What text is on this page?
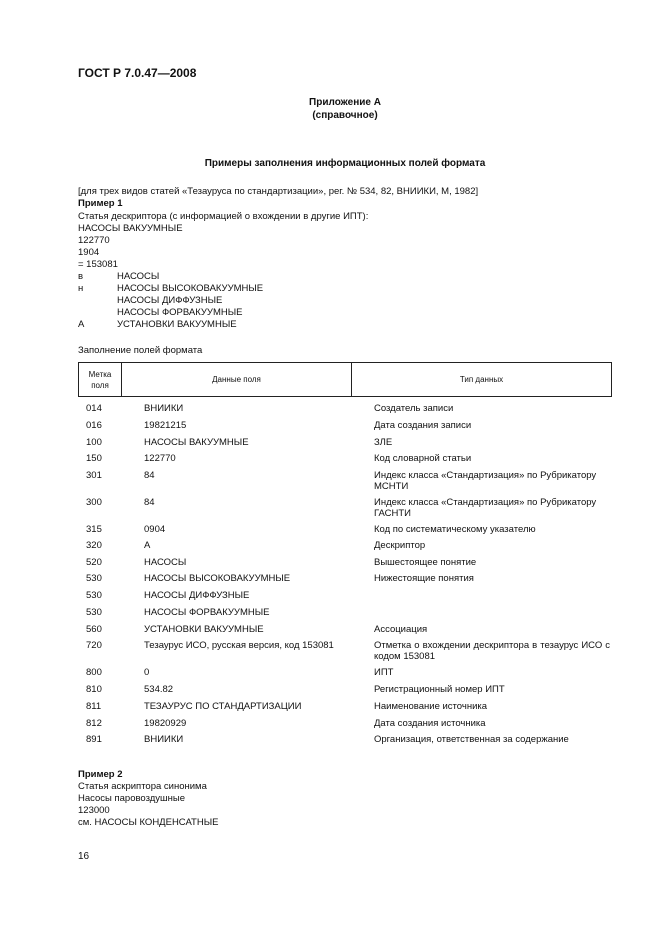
ГОСТ Р 7.0.47—2008
Приложение А
(справочное)
Примеры заполнения информационных полей формата
[для трех видов статей «Тезауруса по стандартизации», рег. № 534, 82, ВНИИКИ, М, 1982]
Пример 1
Статья дескриптора (с информацией о вхождении в другие ИПТ):
НАСОСЫ ВАКУУМНЫЕ
122770
1904
= 153081
в	НАСОСЫ
н	НАСОСЫ ВЫСОКОВАКУУМНЫЕ
НАСОСЫ ДИФФУЗНЫЕ
НАСОСЫ ФОРВАКУУМНЫЕ
А	УСТАНОВКИ ВАКУУМНЫЕ
Заполнение полей формата
Метка поля	Данные поля	Тип данных
014	ВНИИКИ	Создатель записи
016	19821215	Дата создания записи
100	НАСОСЫ ВАКУУМНЫЕ	ЗЛЕ
150	122770	Код словарной статьи
301	84	Индекс класса «Стандартизация» по Рубрикатору МСНТИ
300	84	Индекс класса «Стандартизация» по Рубрикатору ГАСНТИ
315	0904	Код по систематическому указателю
320	А	Дескриптор
520	НАСОСЫ	Вышестоящее понятие
530	НАСОСЫ ВЫСОКОВАКУУМНЫЕ	Нижестоящие понятия
530	НАСОСЫ ДИФФУЗНЫЕ
530	НАСОСЫ ФОРВАКУУМНЫЕ
560	УСТАНОВКИ ВАКУУМНЫЕ	Ассоциация
720	Тезаурус ИСО, русская версия, код 153081	Отметка о вхождении дескриптора в тезаурус ИСО с кодом 153081
800	0	ИПТ
810	534.82	Регистрационный номер ИПТ
811	ТЕЗАУРУС ПО СТАНДАРТИЗАЦИИ	Наименование источника
812	19820929	Дата создания источника
891	ВНИИКИ	Организация, ответственная за содержание
Пример 2
Статья аскриптора синонима
Насосы паровоздушные
123000
см. НАСОСЫ КОНДЕНСАТНЫЕ
16
